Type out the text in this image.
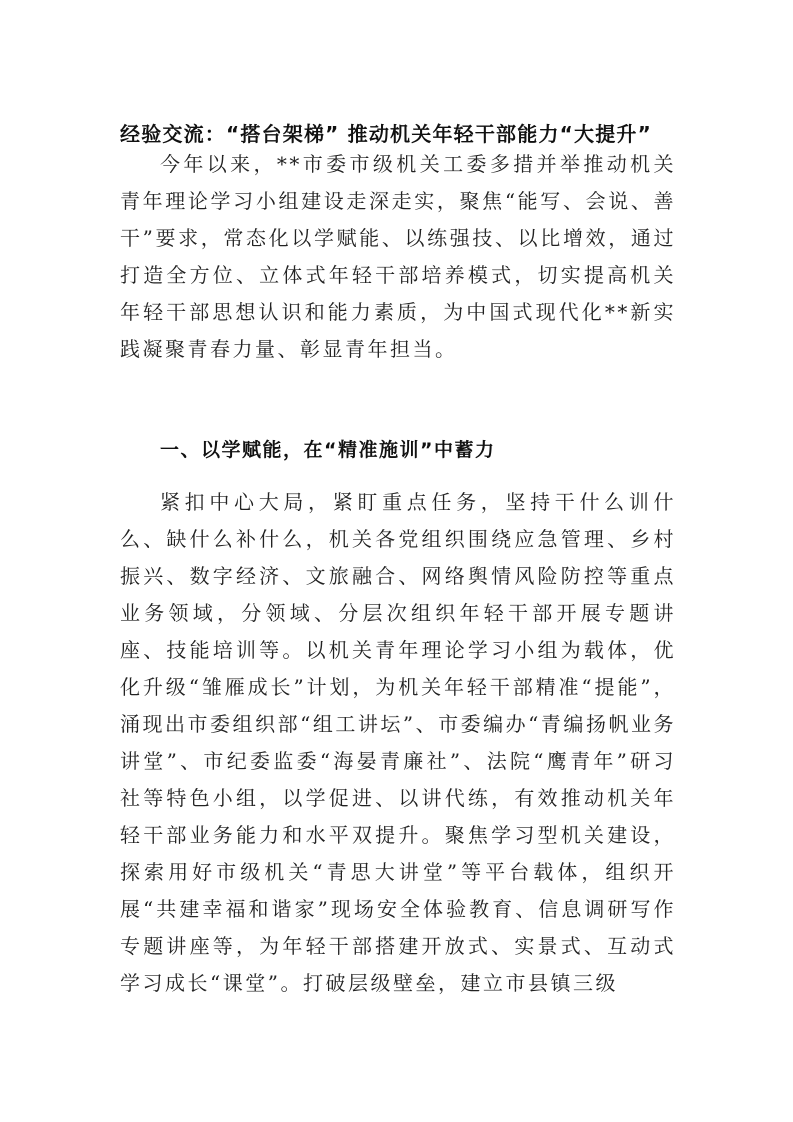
经验交流：“搭台架梯” 推动机关年轻干部能力“大提升”

今年以来，**市委市级机关工委多措并举推动机关青年理论学习小组建设走深走实，聚焦“能写、会说、善干”要求，常态化以学赋能、以练强技、以比增效，通过打造全方位、立体式年轻干部培养模式，切实提高机关年轻干部思想认识和能力素质，为中国式现代化**新实践凝聚青春力量、彰显青年担当。

一、以学赋能，在“精准施训”中蓄力

紧扣中心大局，紧盯重点任务，坚持干什么训什么、缺什么补什么，机关各党组织围绕应急管理、乡村振兴、数字经济、文旅融合、网络舆情风险防控等重点业务领域，分领域、分层次组织年轻干部开展专题讲座、技能培训等。以机关青年理论学习小组为载体，优化升级“雏雁成长”计划，为机关年轻干部精准“提能”，涌现出市委组织部“组工讲坛”、市委编办“青编扬帆业务讲堂”、市纪委监委“海晏青廉社”、法院“鹰青年”研习社等特色小组，以学促进、以讲代练，有效推动机关年轻干部业务能力和水平双提升。聚焦学习型机关建设，探索用好市级机关“青思大讲堂”等平台载体，组织开展“共建幸福和谐家”现场安全体验教育、信息调研写作专题讲座等，为年轻干部搭建开放式、实景式、互动式学习成长“课堂”。打破层级壁垒，建立市县镇三级
